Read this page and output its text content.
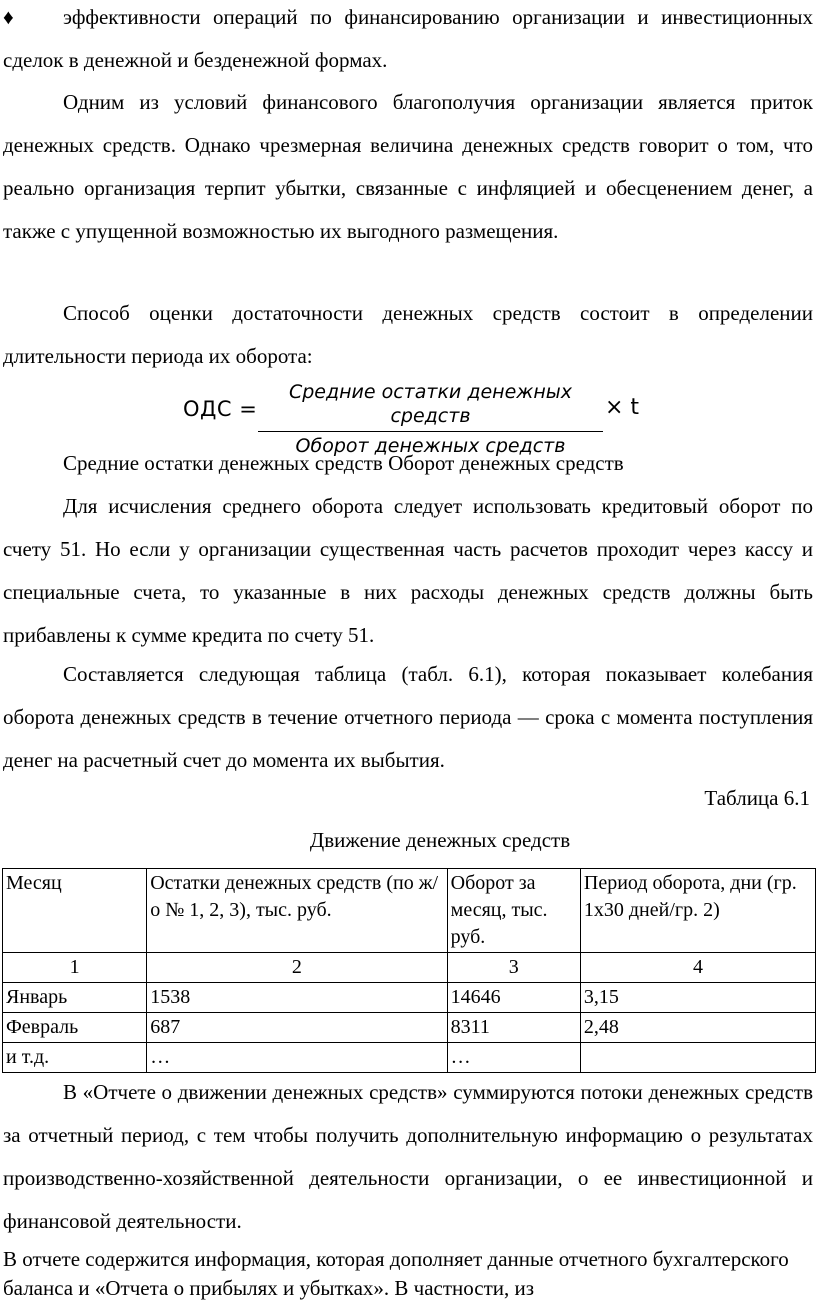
♦ эффективности операций по финансированию организации и инвестиционных сделок в денежной и безденежной формах.

Одним из условий финансового благополучия организации является приток денежных средств. Однако чрезмерная величина денежных средств говорит о том, что реально организация терпит убытки, связанные с инфляцией и обесценением денег, а также с упущенной возможностью их выгодного размещения.

Способ оценки достаточности денежных средств состоит в определении длительности периода их оборота:

ОДС =
Средние остатки денежных средств
Оборот денежных средств
× t

Средние остатки денежных средств Оборот денежных средств

Для исчисления среднего оборота следует использовать кредитовый оборот по счету 51. Но если у организации существенная часть расчетов проходит через кассу и специальные счета, то указанные в них расходы денежных средств должны быть прибавлены к сумме кредита по счету 51.

Составляется следующая таблица (табл. 6.1), которая показывает колебания оборота денежных средств в течение отчетного периода — срока с момента поступления денег на расчетный счет до момента их выбытия.

Таблица 6.1

Движение денежных средств

Месяц	Остатки денежных средств (по ж/о № 1, 2, 3), тыс. руб.	Оборот за месяц, тыс. руб.	Период оборота, дни (гр. 1х30 дней/гр. 2)
1	2	3	4
Январь	1538	14646	3,15
Февраль	687	8311	2,48
и т.д.	…	…	

В «Отчете о движении денежных средств» суммируются потоки денежных средств за отчетный период, с тем чтобы получить дополнительную информацию о результатах производственно-хозяйственной деятельности организации, о ее инвестиционной и финансовой деятельности.

В отчете содержится информация, которая дополняет данные отчетного бухгалтерского баланса и «Отчета о прибылях и убытках». В частности, из
